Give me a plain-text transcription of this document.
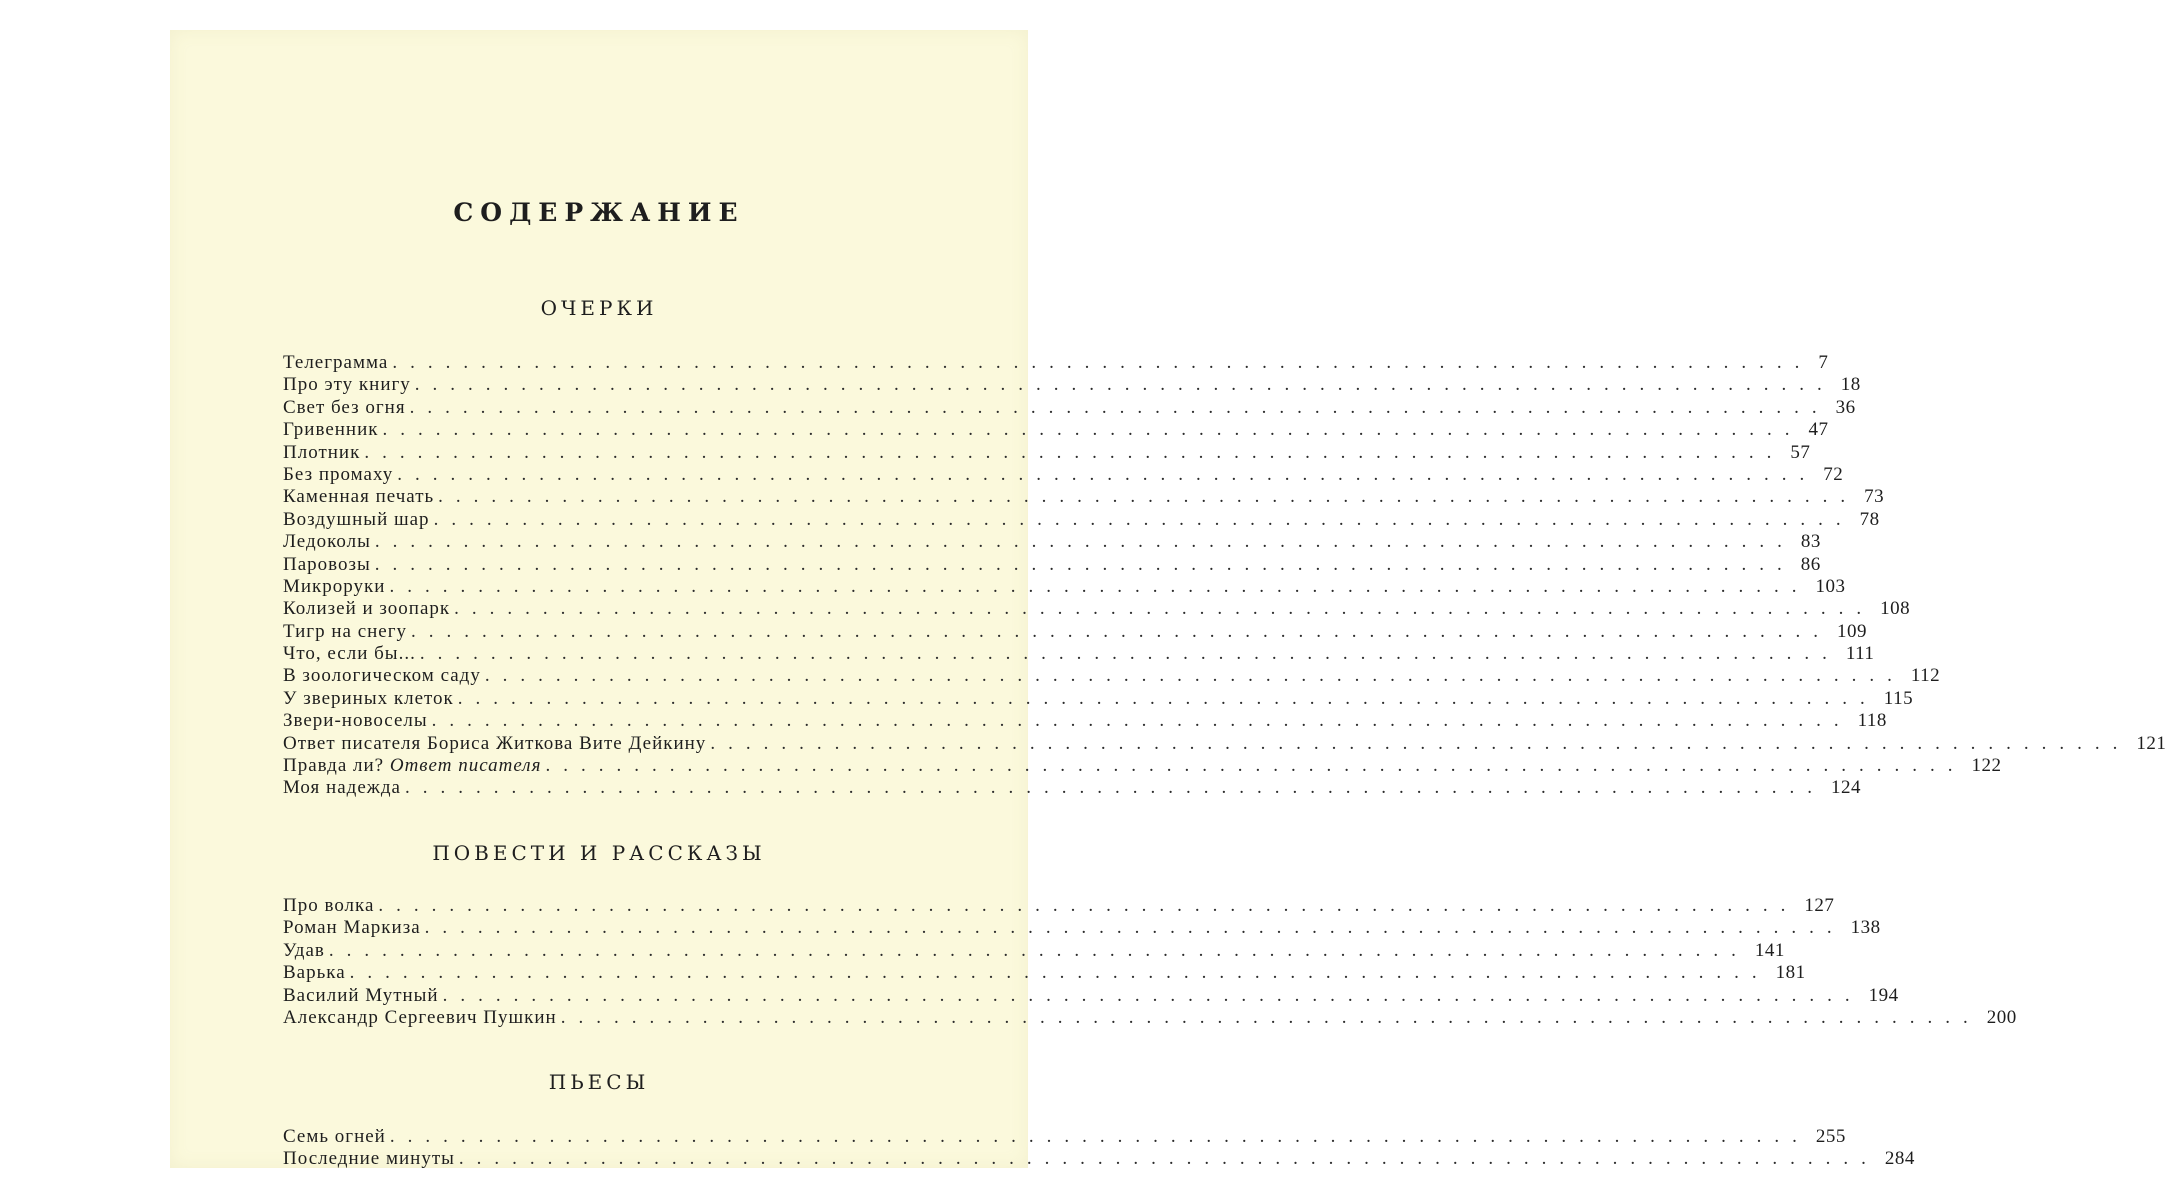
СОДЕРЖАНИЕ
ОЧЕРКИ
Телеграмма ................................................................................ 7
Про эту книгу ................................................................................ 18
Свет без огня ................................................................................ 36
Гривенник ................................................................................ 47
Плотник ................................................................................ 57
Без промаху ................................................................................ 72
Каменная печать ................................................................................ 73
Воздушный шар ................................................................................ 78
Ледоколы ................................................................................ 83
Паровозы ................................................................................ 86
Микроруки ................................................................................ 103
Колизей и зоопарк ................................................................................ 108
Тигр на снегу ................................................................................ 109
Что, если бы... ................................................................................ 111
В зоологическом саду ................................................................................ 112
У звериных клеток ................................................................................ 115
Звери-новоселы ................................................................................ 118
Ответ писателя Бориса Житкова Вите Дейкину ................................................................................ 121
Правда ли? Ответ писателя ................................................................................ 122
Моя надежда ................................................................................ 124
ПОВЕСТИ И РАССКАЗЫ
Про волка ................................................................................ 127
Роман Маркиза ................................................................................ 138
Удав ................................................................................ 141
Варька ................................................................................ 181
Василий Мутный ................................................................................ 194
Александр Сергеевич Пушкин ................................................................................ 200
ПЬЕСЫ
Семь огней ................................................................................ 255
Последние минуты ................................................................................ 284
